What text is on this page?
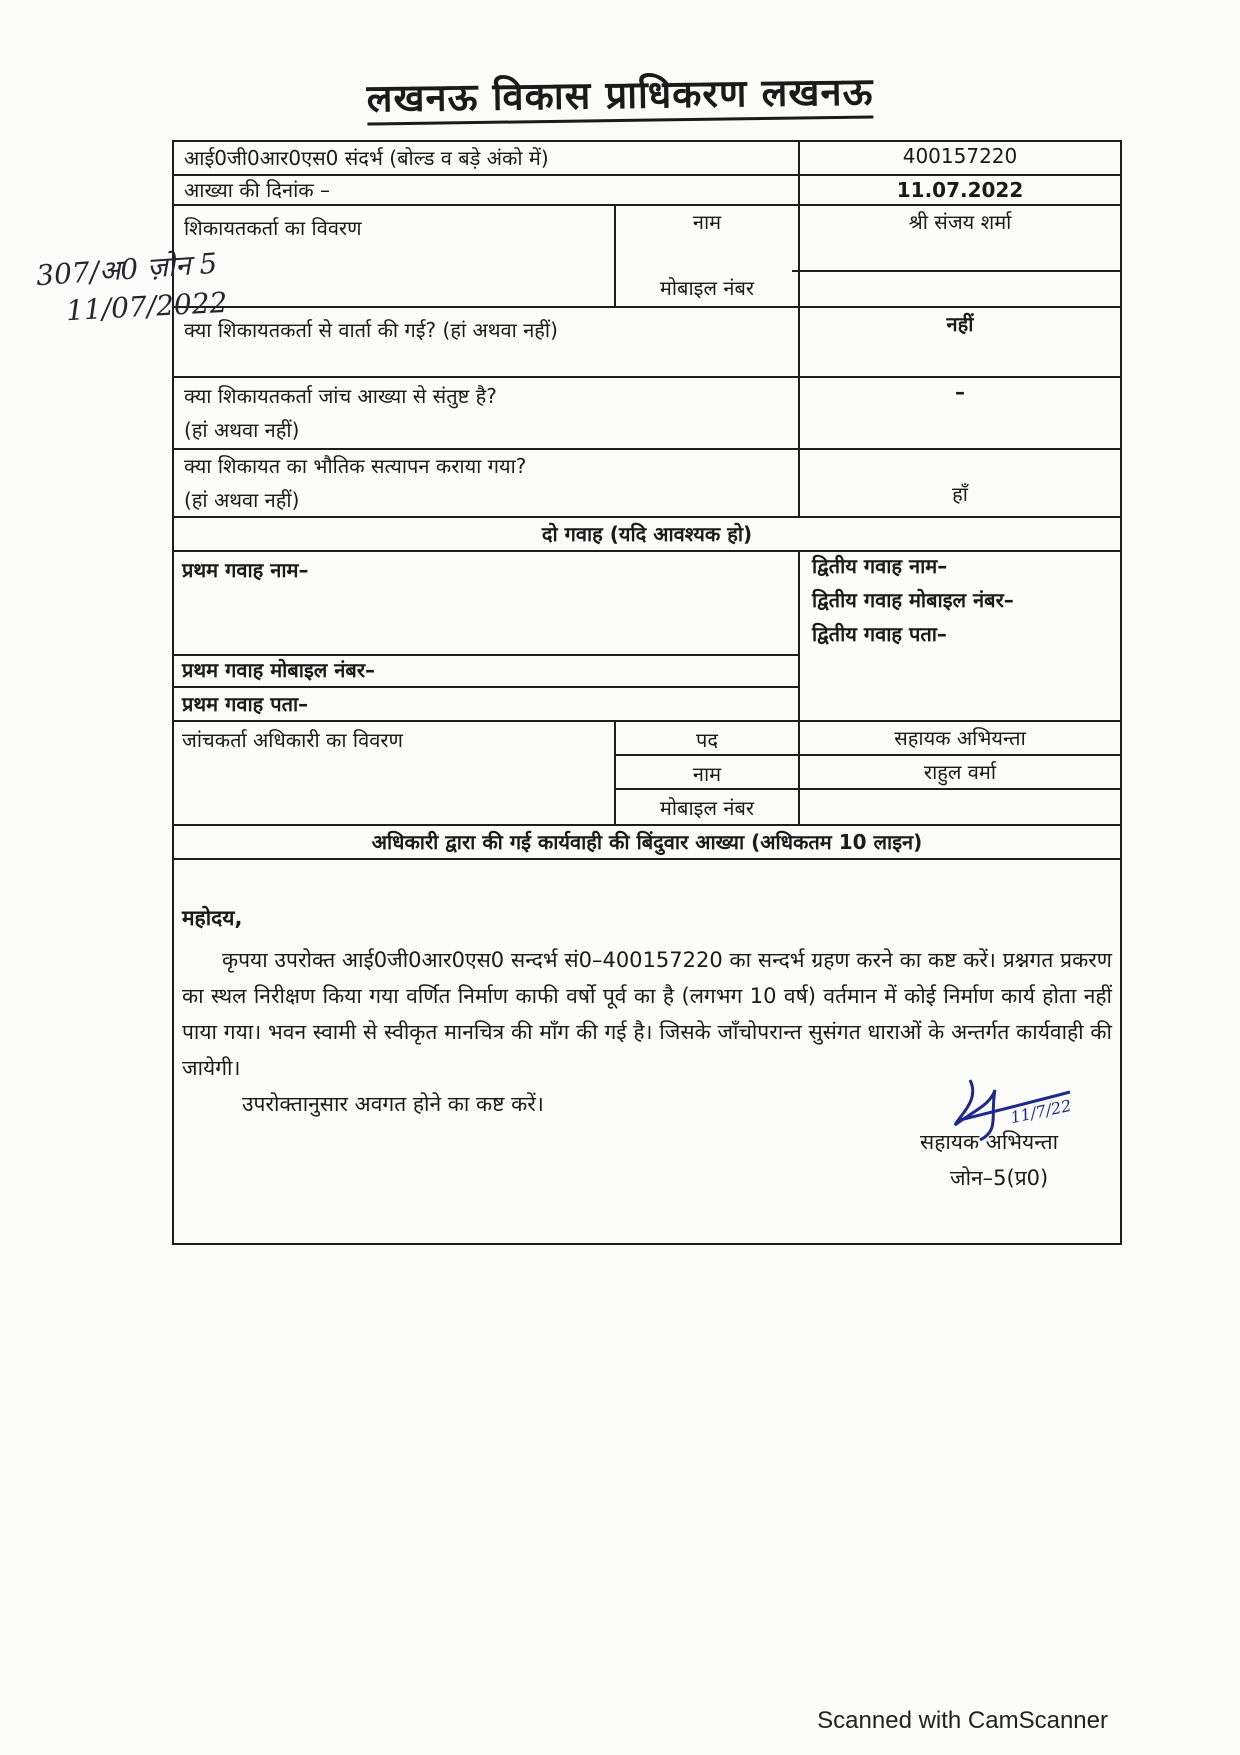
लखनऊ विकास प्राधिकरण लखनऊ
आई0जी0आर0एस0 संदर्भ (बोल्ड व बड़े अंको में)	400157220
आख्या की दिनांक –	11.07.2022
शिकायतकर्ता का विवरण	नाम	श्री संजय शर्मा
मोबाइल नंबर
क्या शिकायतकर्ता से वार्ता की गई? (हां अथवा नहीं)	नहीं
क्या शिकायतकर्ता जांच आख्या से संतुष्ट है?
(हां अथवा नहीं)
–
क्या शिकायत का भौतिक सत्यापन कराया गया?
(हां अथवा नहीं)	हाँ
दो गवाह (यदि आवश्यक हो)
प्रथम गवाह नाम–
प्रथम गवाह मोबाइल नंबर–
प्रथम गवाह पता–
द्वितीय गवाह नाम–
द्वितीय गवाह मोबाइल नंबर–
द्वितीय गवाह पता–
जांचकर्ता अधिकारी का विवरण	पद	सहायक अभियन्ता
नाम	राहुल वर्मा
मोबाइल नंबर
अधिकारी द्वारा की गई कार्यवाही की बिंदुवार आख्या (अधिकतम 10 लाइन)

महोदय,

कृपया उपरोक्त आई0जी0आर0एस0 सन्दर्भ सं0–400157220 का सन्दर्भ ग्रहण करने का कष्ट करें। प्रश्नगत प्रकरण का स्थल निरीक्षण किया गया वर्णित निर्माण काफी वर्षो पूर्व का है (लगभग 10 वर्ष) वर्तमान में कोई निर्माण कार्य होता नहीं पाया गया। भवन स्वामी से स्वीकृत मानचित्र की माँग की गई है। जिसके जाँचोपरान्त सुसंगत धाराओं के अन्तर्गत कार्यवाही की जायेगी।

उपरोक्तानुसार अवगत होने का कष्ट करें।

सहायक अभियन्ता
जोन–5(प्र0)
307/अ0 ज़ोन 5
11/07/2022
11/7/22
Scanned with CamScanner
